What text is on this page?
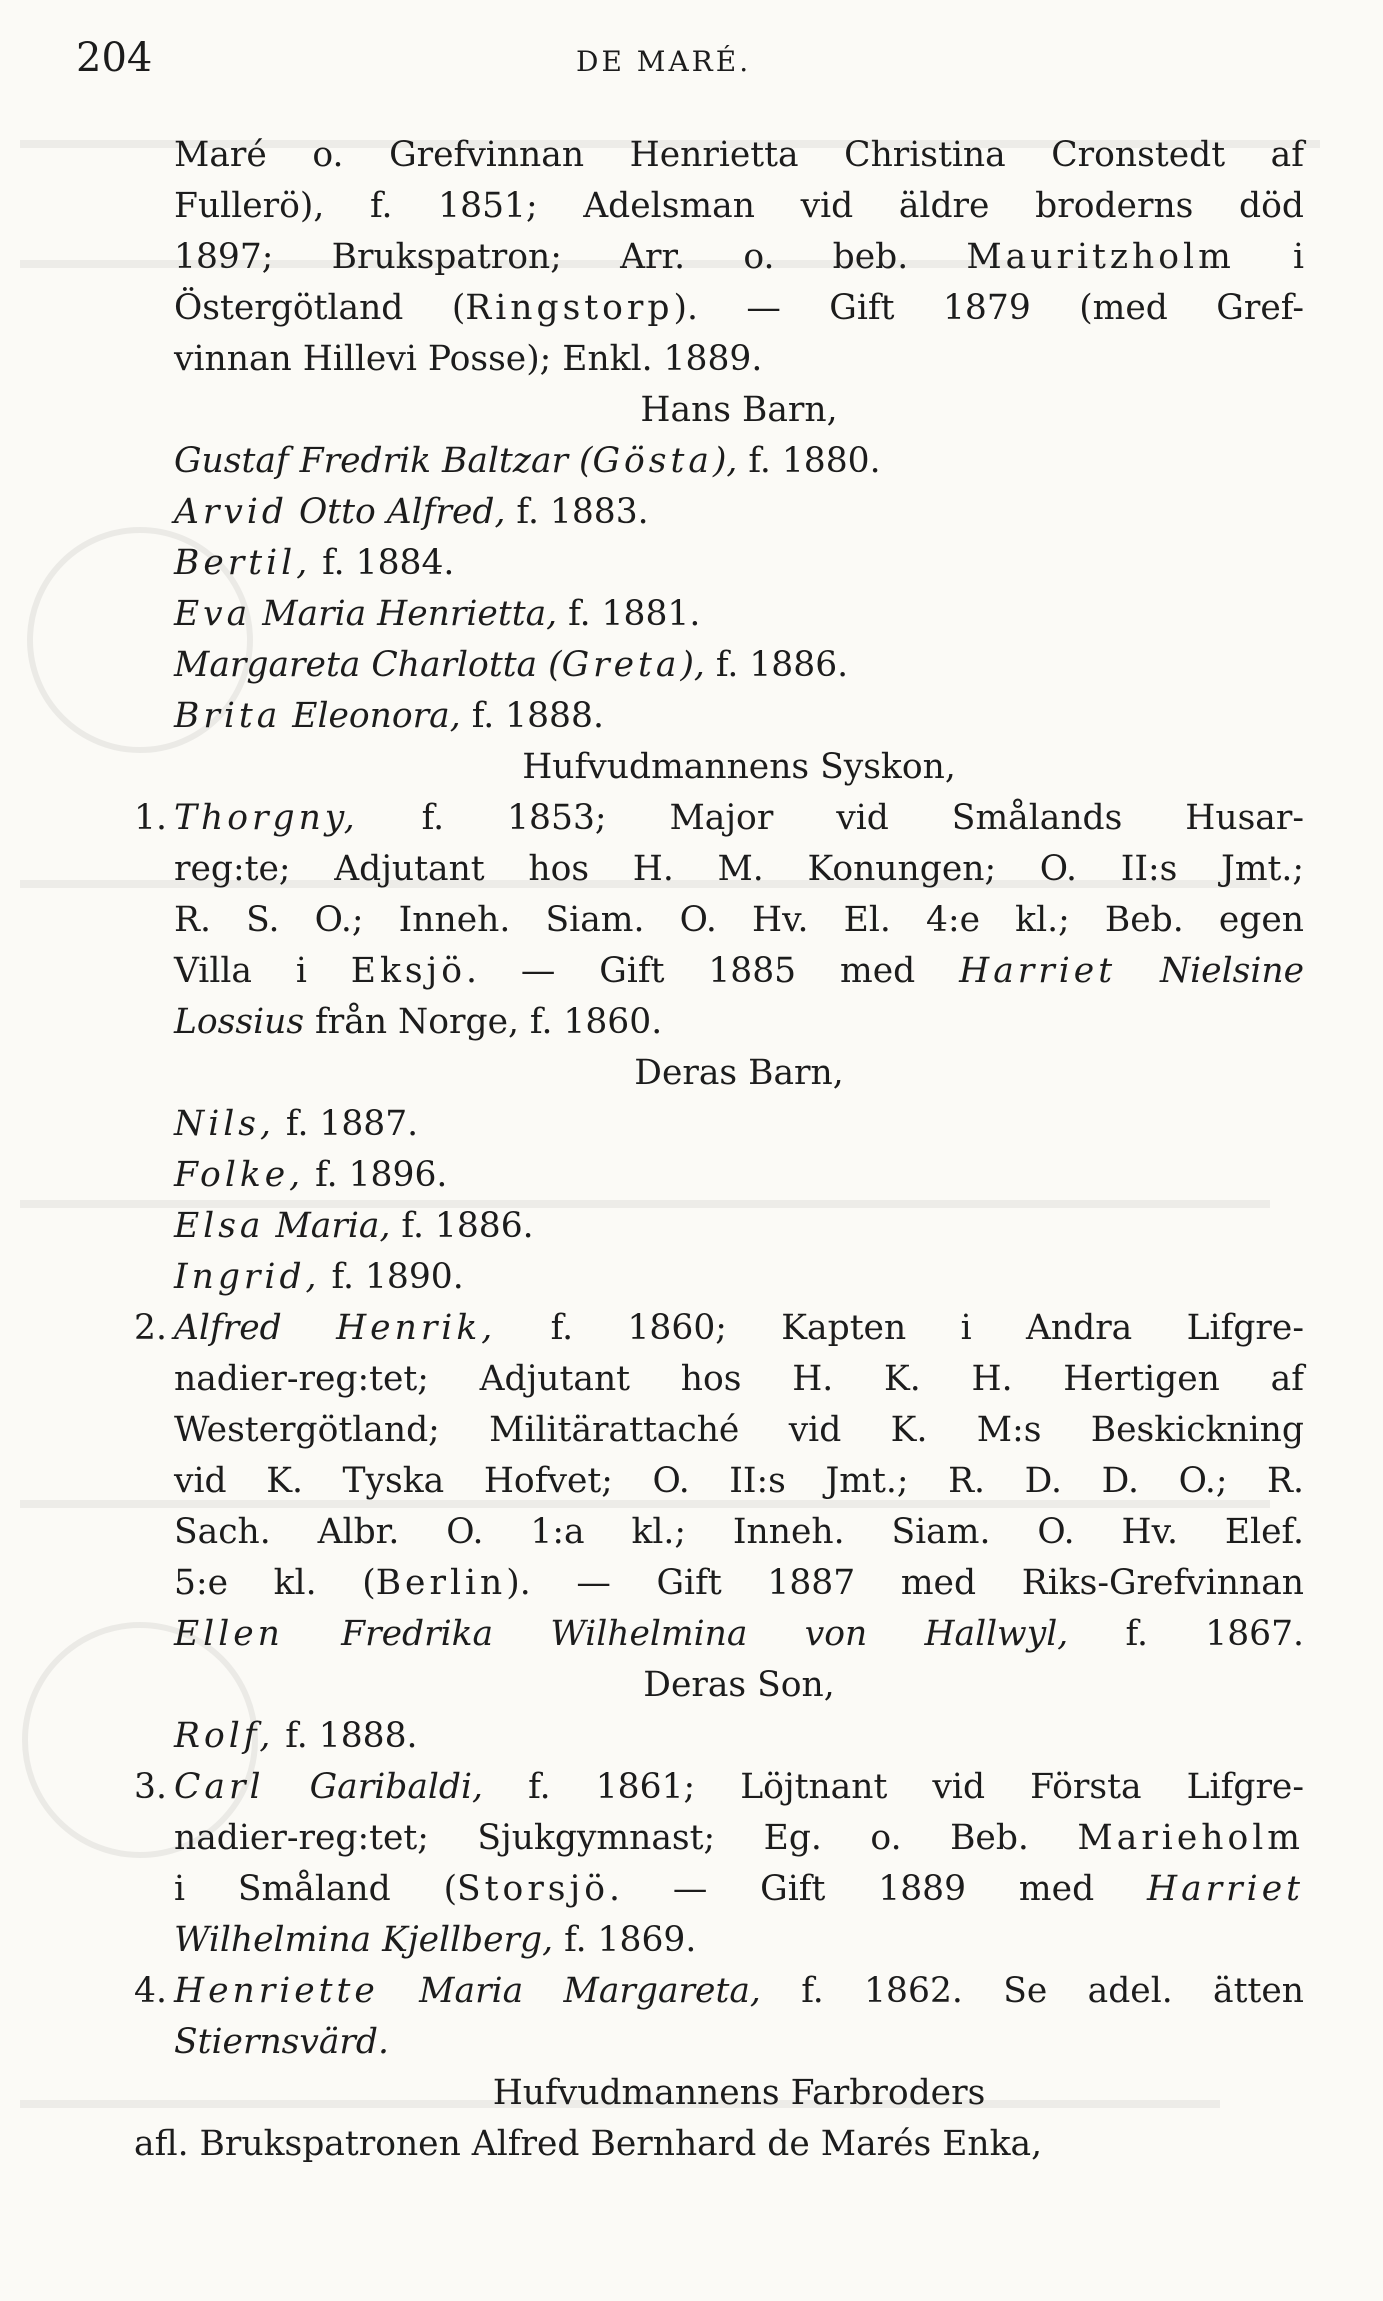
204	DE MARÉ.
Maré o. Grefvinnan Henrietta Christina Cronstedt af
Fullerö), f. 1851; Adelsman vid äldre broderns död
1897; Brukspatron; Arr. o. beb. Mauritzholm i
Östergötland (Ringstorp). — Gift 1879 (med Gref-
vinnan Hillevi Posse); Enkl. 1889.
Hans Barn,
Gustaf Fredrik Baltzar (Gösta), f. 1880.
Arvid Otto Alfred, f. 1883.
Bertil, f. 1884.
Eva Maria Henrietta, f. 1881.
Margareta Charlotta (Greta), f. 1886.
Brita Eleonora, f. 1888.
Hufvudmannens Syskon,
1. Thorgny, f. 1853; Major vid Smålands Husar-
reg:te; Adjutant hos H. M. Konungen; O. II:s Jmt.;
R. S. O.; Inneh. Siam. O. Hv. El. 4:e kl.; Beb. egen
Villa i Eksjö. — Gift 1885 med Harriet Nielsine
Lossius från Norge, f. 1860.
Deras Barn,
Nils, f. 1887.
Folke, f. 1896.
Elsa Maria, f. 1886.
Ingrid, f. 1890.
2. Alfred Henrik, f. 1860; Kapten i Andra Lifgre-
nadier-reg:tet; Adjutant hos H. K. H. Hertigen af
Westergötland; Militärattaché vid K. M:s Beskickning
vid K. Tyska Hofvet; O. II:s Jmt.; R. D. D. O.; R.
Sach. Albr. O. 1:a kl.; Inneh. Siam. O. Hv. Elef.
5:e kl. (Berlin). — Gift 1887 med Riks-Grefvinnan
Ellen Fredrika Wilhelmina von Hallwyl, f. 1867.
Deras Son,
Rolf, f. 1888.
3. Carl Garibaldi, f. 1861; Löjtnant vid Första Lifgre-
nadier-reg:tet; Sjukgymnast; Eg. o. Beb. Marieholm
i Småland (Storsjö. — Gift 1889 med Harriet
Wilhelmina Kjellberg, f. 1869.
4. Henriette Maria Margareta, f. 1862. Se adel. ätten
Stiernsvärd.
Hufvudmannens Farbroders
afl. Brukspatronen Alfred Bernhard de Marés Enka,
